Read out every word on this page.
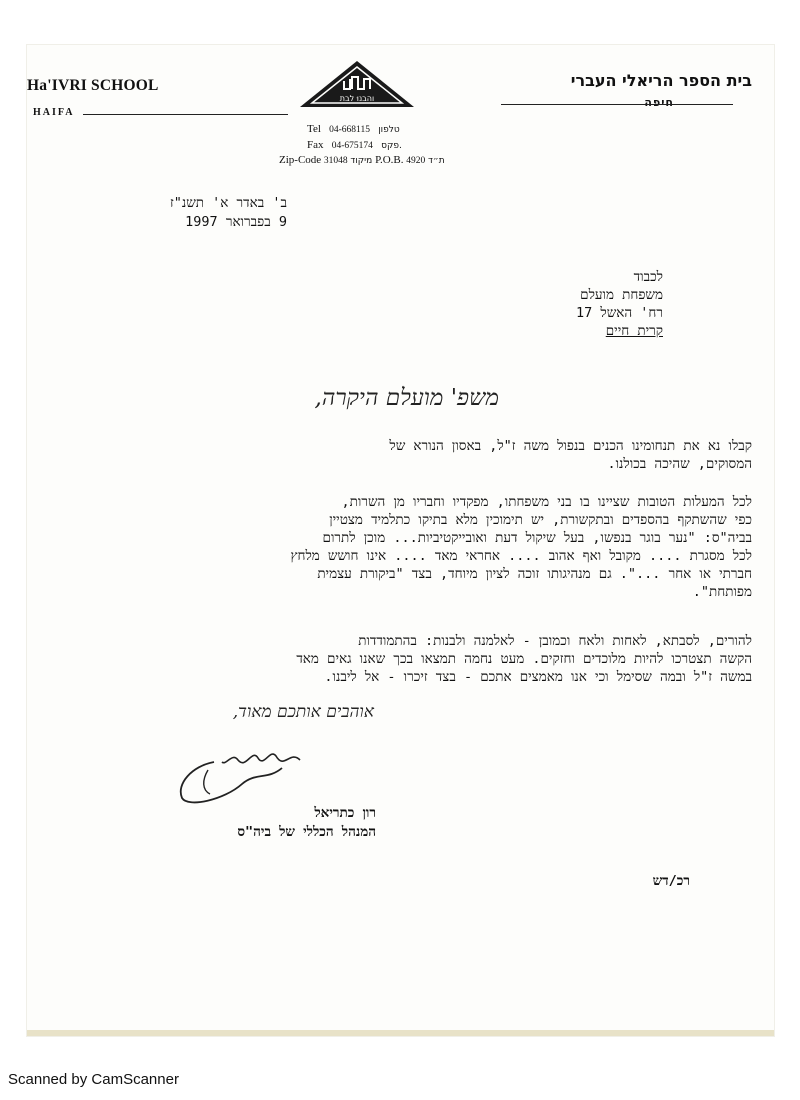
Ha'IVRI SCHOOL
HAIFA
והבנוּ לבת
בית הספר הריאלי העברי
חיפה
Tel 04-668115 טלפון
Fax 04-675174 פקס.
Zip-Code 31048 מיקוד P.O.B. 4920 ת״ד
ב' באדר א' תשנ"ז
9 בפברואר 1997
לכבוד
משפחת מועלם
רח' האשל 17
קרית חיים
משפ' מועלם היקרה,
קבלו נא את תנחומינו הכנים בנפול משה ז"ל, באסון הנורא של
המסוקים, שהיכה בכולנו.
לכל המעלות הטובות שציינו בו בני משפחתו, מפקדיו וחבריו מן השרות,
כפי שהשתקף בהספדים ובתקשורת, יש תימוכין מלא בתיקו כתלמיד מצטיין
בביה"ס: "נער בוגר בנפשו, בעל שיקול דעת ואובייקטיביות... מוכן לתרום
לכל מסגרת .... מקובל ואף אהוב .... אחראי מאד .... אינו חושש מלחץ
חברתי או אחר ...". גם מנהיגותו זוכה לציון מיוחד, בצד "ביקורת עצמית
מפותחת".
להורים, לסבתא, לאחות ולאח וכמובן - לאלמנה ולבנות: בהתמודדות
הקשה תצטרכו להיות מלוכדים וחזקים. מעט נחמה תמצאו בכך שאנו גאים מאד
במשה ז"ל ובמה שסימל וכי אנו מאמצים אתכם - בצד זיכרו - אל ליבנו.
אוהבים אותכם מאוד,
רון כתריאל
המנהל הכללי של ביה"ס
רכ/דש
Scanned by CamScanner
